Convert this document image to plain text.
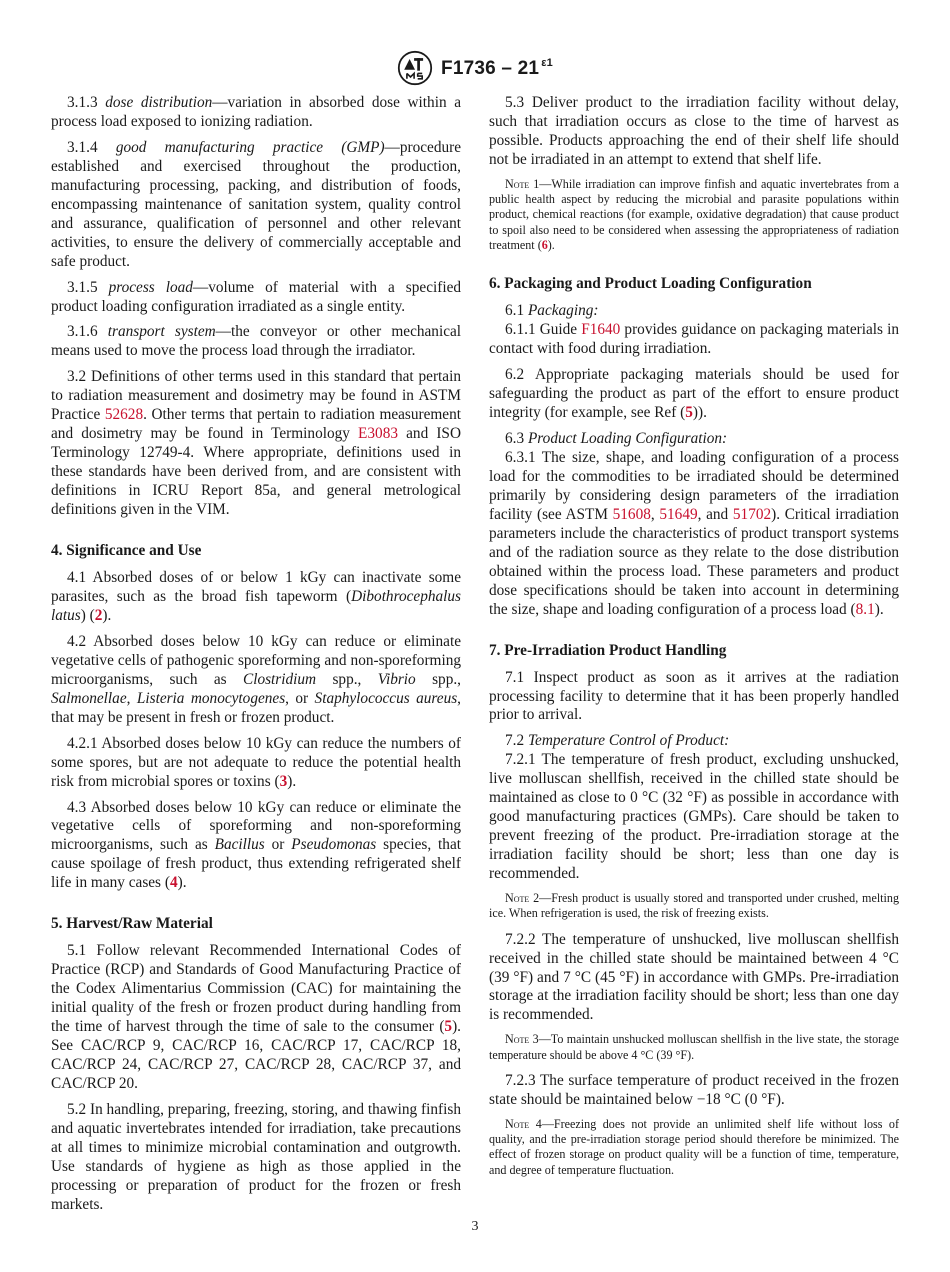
F1736 – 21 $^{\varepsilon 1}$

3.1.3 dose distribution—variation in absorbed dose within a process load exposed to ionizing radiation.

3.1.4 good manufacturing practice (GMP)—procedure established and exercised throughout the production, manufacturing processing, packing, and distribution of foods, encompassing maintenance of sanitation system, quality control and assurance, qualification of personnel and other relevant activities, to ensure the delivery of commercially acceptable and safe product.

3.1.5 process load—volume of material with a specified product loading configuration irradiated as a single entity.

3.1.6 transport system—the conveyor or other mechanical means used to move the process load through the irradiator.

3.2 Definitions of other terms used in this standard that pertain to radiation measurement and dosimetry may be found in ASTM Practice 52628. Other terms that pertain to radiation measurement and dosimetry may be found in Terminology E3083 and ISO Terminology 12749-4. Where appropriate, definitions used in these standards have been derived from, and are consistent with definitions in ICRU Report 85a, and general metrological definitions given in the VIM.

4. Significance and Use

4.1 Absorbed doses of or below 1 kGy can inactivate some parasites, such as the broad fish tapeworm (Dibothrocephalus latus) (2).

4.2 Absorbed doses below 10 kGy can reduce or eliminate vegetative cells of pathogenic sporeforming and non-sporeforming microorganisms, such as Clostridium spp., Vibrio spp., Salmonellae, Listeria monocytogenes, or Staphylococcus aureus, that may be present in fresh or frozen product.

4.2.1 Absorbed doses below 10 kGy can reduce the numbers of some spores, but are not adequate to reduce the potential health risk from microbial spores or toxins (3).

4.3 Absorbed doses below 10 kGy can reduce or eliminate the vegetative cells of sporeforming and non-sporeforming microorganisms, such as Bacillus or Pseudomonas species, that cause spoilage of fresh product, thus extending refrigerated shelf life in many cases (4).

5. Harvest/Raw Material

5.1 Follow relevant Recommended International Codes of Practice (RCP) and Standards of Good Manufacturing Practice of the Codex Alimentarius Commission (CAC) for maintaining the initial quality of the fresh or frozen product during handling from the time of harvest through the time of sale to the consumer (5). See CAC/RCP 9, CAC/RCP 16, CAC/RCP 17, CAC/RCP 18, CAC/RCP 24, CAC/RCP 27, CAC/RCP 28, CAC/RCP 37, and CAC/RCP 20.

5.2 In handling, preparing, freezing, storing, and thawing finfish and aquatic invertebrates intended for irradiation, take precautions at all times to minimize microbial contamination and outgrowth. Use standards of hygiene as high as those applied in the processing or preparation of product for the frozen or fresh markets.

5.3 Deliver product to the irradiation facility without delay, such that irradiation occurs as close to the time of harvest as possible. Products approaching the end of their shelf life should not be irradiated in an attempt to extend that shelf life.

Note 1—While irradiation can improve finfish and aquatic invertebrates from a public health aspect by reducing the microbial and parasite populations within product, chemical reactions (for example, oxidative degradation) that cause product to spoil also need to be considered when assessing the appropriateness of radiation treatment (6).

6. Packaging and Product Loading Configuration

6.1 Packaging:

6.1.1 Guide F1640 provides guidance on packaging materials in contact with food during irradiation.

6.2 Appropriate packaging materials should be used for safeguarding the product as part of the effort to ensure product integrity (for example, see Ref (5)).

6.3 Product Loading Configuration:

6.3.1 The size, shape, and loading configuration of a process load for the commodities to be irradiated should be determined primarily by considering design parameters of the irradiation facility (see ASTM 51608, 51649, and 51702). Critical irradiation parameters include the characteristics of product transport systems and of the radiation source as they relate to the dose distribution obtained within the process load. These parameters and product dose specifications should be taken into account in determining the size, shape and loading configuration of a process load (8.1).

7. Pre-Irradiation Product Handling

7.1 Inspect product as soon as it arrives at the radiation processing facility to determine that it has been properly handled prior to arrival.

7.2 Temperature Control of Product:

7.2.1 The temperature of fresh product, excluding unshucked, live molluscan shellfish, received in the chilled state should be maintained as close to 0 °C (32 °F) as possible in accordance with good manufacturing practices (GMPs). Care should be taken to prevent freezing of the product. Pre-irradiation storage at the irradiation facility should be short; less than one day is recommended.

Note 2—Fresh product is usually stored and transported under crushed, melting ice. When refrigeration is used, the risk of freezing exists.

7.2.2 The temperature of unshucked, live molluscan shellfish received in the chilled state should be maintained between 4 °C (39 °F) and 7 °C (45 °F) in accordance with GMPs. Pre-irradiation storage at the irradiation facility should be short; less than one day is recommended.

Note 3—To maintain unshucked molluscan shellfish in the live state, the storage temperature should be above 4 °C (39 °F).

7.2.3 The surface temperature of product received in the frozen state should be maintained below −18 °C (0 °F).

Note 4—Freezing does not provide an unlimited shelf life without loss of quality, and the pre-irradiation storage period should therefore be minimized. The effect of frozen storage on product quality will be a function of time, temperature, and degree of temperature fluctuation.

3
